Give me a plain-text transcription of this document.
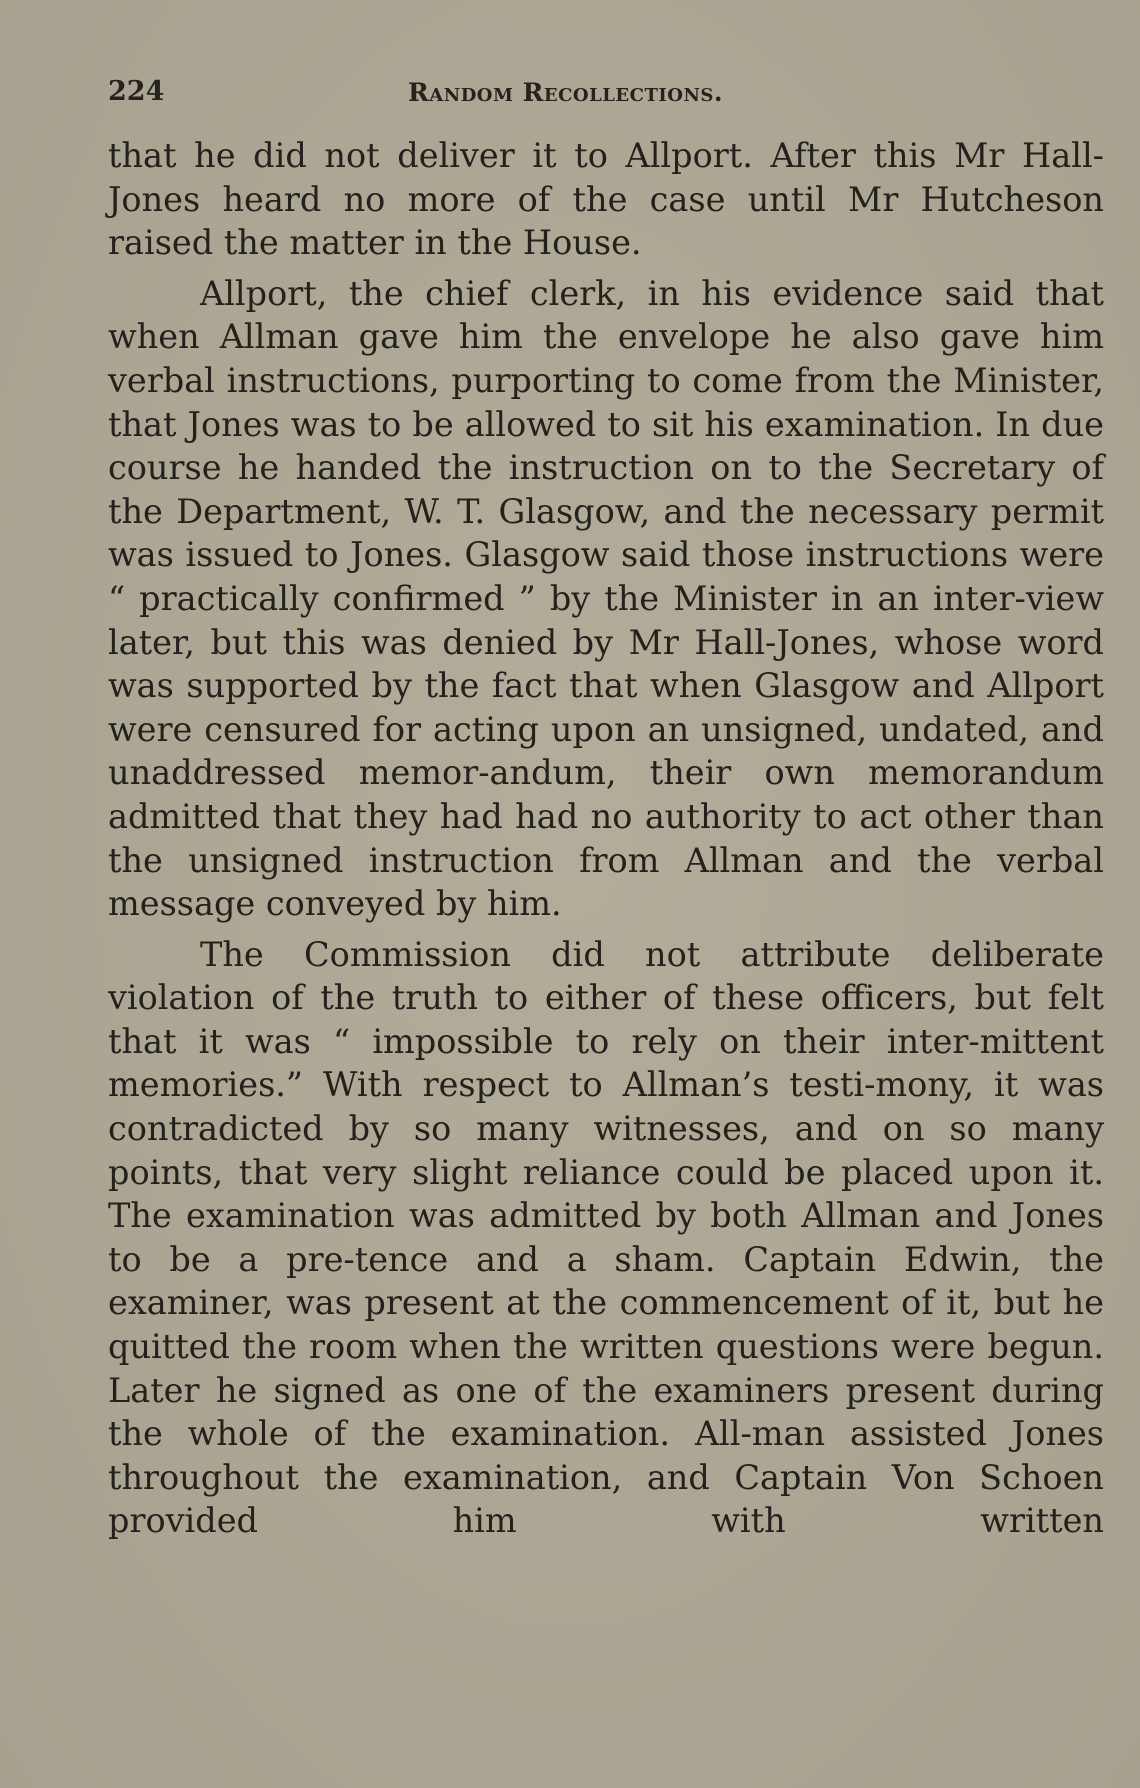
224	Random Recollections.

that he did not deliver it to Allport. After this Mr Hall-Jones heard no more of the case until Mr Hutcheson raised the matter in the House.

Allport, the chief clerk, in his evidence said that when Allman gave him the envelope he also gave him verbal instructions, purporting to come from the Minister, that Jones was to be allowed to sit his examination. In due course he handed the instruction on to the Secretary of the Department, W. T. Glasgow, and the necessary permit was issued to Jones. Glasgow said those instructions were “ practically confirmed ” by the Minister in an inter-view later, but this was denied by Mr Hall-Jones, whose word was supported by the fact that when Glasgow and Allport were censured for acting upon an unsigned, undated, and unaddressed memor-andum, their own memorandum admitted that they had had no authority to act other than the unsigned instruction from Allman and the verbal message conveyed by him.

The Commission did not attribute deliberate violation of the truth to either of these officers, but felt that it was “ impossible to rely on their inter-mittent memories.” With respect to Allman’s testi-mony, it was contradicted by so many witnesses, and on so many points, that very slight reliance could be placed upon it. The examination was admitted by both Allman and Jones to be a pre-tence and a sham. Captain Edwin, the examiner, was present at the commencement of it, but he quitted the room when the written questions were begun. Later he signed as one of the examiners present during the whole of the examination. All-man assisted Jones throughout the examination, and Captain Von Schoen provided him with written
